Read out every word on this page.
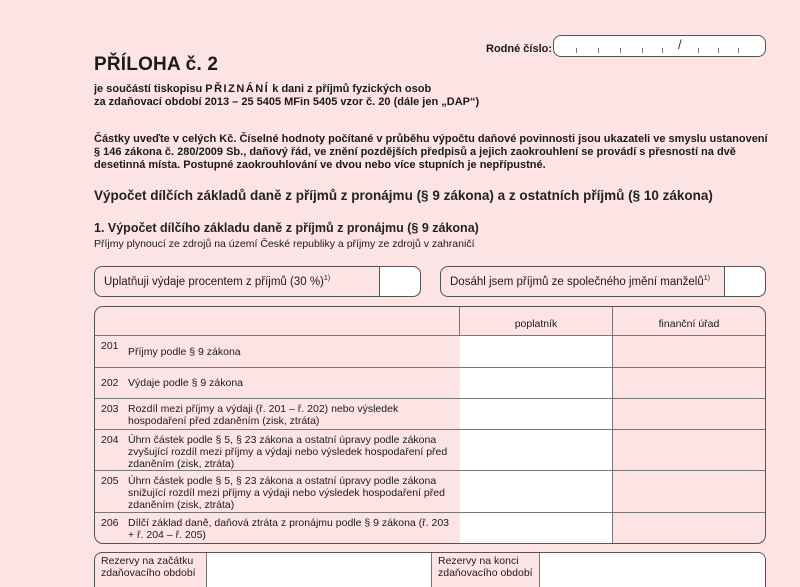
PŘÍLOHA č. 2
je součástí tiskopisu PŘIZNÁNÍ k dani z příjmů fyzických osob
za zdaňovací období 2013 – 25 5405 MFin 5405 vzor č. 20 (dále jen „DAP“)
Rodné číslo:	/
Částky uveďte v celých Kč. Číselné hodnoty počítané v průběhu výpočtu daňové povinnosti jsou ukazateli ve smyslu ustanovení § 146 zákona č. 280/2009 Sb., daňový řád, ve znění pozdějších předpisů a jejich zaokrouhlení se provádí s přesností na dvě desetinná místa. Postupné zaokrouhlování ve dvou nebo více stupních je nepřípustné.
Výpočet dílčích základů daně z příjmů z pronájmu (§ 9 zákona) a z ostatních příjmů (§ 10 zákona)
1. Výpočet dílčího základu daně z příjmů z pronájmu (§ 9 zákona)
Příjmy plynoucí ze zdrojů na území České republiky a příjmy ze zdrojů v zahraničí
Uplatňuji výdaje procentem z příjmů (30 %)$^{1)}$	Dosáhl jsem příjmů ze společného jmění manželů$^{1)}$
poplatník	finanční úřad
201 Příjmy podle § 9 zákona
202 Výdaje podle § 9 zákona
203 Rozdíl mezi příjmy a výdaji (ř. 201 – ř. 202) nebo výsledek hospodaření před zdaněním (zisk, ztráta)
204 Úhrn částek podle § 5, § 23 zákona a ostatní úpravy podle zákona zvyšující rozdíl mezi příjmy a výdaji nebo výsledek hospodaření před zdaněním (zisk, ztráta)
205 Úhrn částek podle § 5, § 23 zákona a ostatní úpravy podle zákona snižující rozdíl mezi příjmy a výdaji nebo výsledek hospodaření před zdaněním (zisk, ztráta)
206 Dílčí základ daně, daňová ztráta z pronájmu podle § 9 zákona (ř. 203 + ř. 204 – ř. 205)
Rezervy na začátku zdaňovacího období
Rezervy na konci zdaňovacího období
